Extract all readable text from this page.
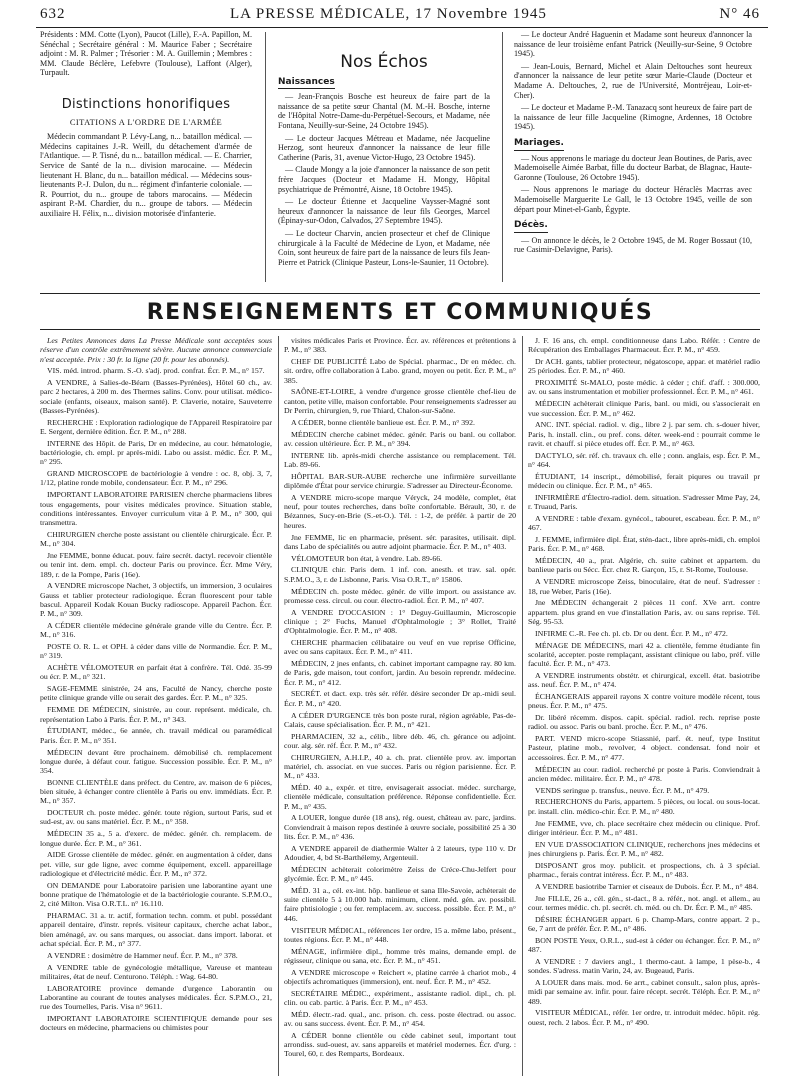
632	LA PRESSE MÉDICALE, 17 Novembre 1945	N° 46

Présidents : MM. Cotte (Lyon), Paucot (Lille), F.-A. Papillon, M. Sénéchal ; Secrétaire général : M. Maurice Faber ; Secrétaire adjoint : M. R. Palmer ; Trésorier : M. A. Guillemin ; Membres : MM. Claude Béclère, Lefebvre (Toulouse), Laffont (Alger), Turpault.

Distinctions honorifiques
CITATIONS A L'ORDRE DE L'ARMÉE

Médecin commandant P. Lévy-Lang, n... bataillon médical. — Médecins capitaines J.-R. Weill, du détachement d'armée de l'Atlantique. — P. Tisné, du n... bataillon médical. — E. Charrier, Service de Santé de la n... division marocaine. — Médecin lieutenant H. Blanc, du n... bataillon médical. — Médecins sous-lieutenants P.-J. Dulon, du n... régiment d'infanterie coloniale. — R. Pourriot, du n... groupe de tabors marocains. — Médecin aspirant P.-M. Chardier, du n... groupe de tabors. — Médecin auxiliaire H. Félix, n... division motorisée d'infanterie.

Nos Échos
Naissances

— Jean-François Bosche est heureux de faire part de la naissance de sa petite sœur Chantal (M. M.-H. Bosche, interne de l'Hôpital Notre-Dame-du-Perpétuel-Secours, et Madame, née Fontana, Neuilly-sur-Seine, 24 Octobre 1945).

— Le docteur Jacques Métreau et Madame, née Jacqueline Herzog, sont heureux d'annoncer la naissance de leur fille Catherine (Paris, 31, avenue Victor-Hugo, 23 Octobre 1945).

— Claude Mongy a la joie d'annoncer la naissance de son petit frère Jacques (Docteur et Madame H. Mongy, Hôpital psychiatrique de Prémontré, Aisne, 18 Octobre 1945).

— Le docteur Étienne et Jacqueline Vaysser-Magné sont heureux d'annoncer la naissance de leur fils Georges, Marcel (Épinay-sur-Odon, Calvados, 27 Septembre 1945).

— Le docteur Charvin, ancien prosecteur et chef de Clinique chirurgicale à la Faculté de Médecine de Lyon, et Madame, née Coin, sont heureux de faire part de la naissance de leurs fils Jean-Pierre et Patrick (Clinique Pasteur, Lons-le-Saunier, 11 Octobre).

— Le docteur André Haguenin et Madame sont heureux d'annoncer la naissance de leur troisième enfant Patrick (Neuilly-sur-Seine, 9 Octobre 1945).

— Jean-Louis, Bernard, Michel et Alain Deltouches sont heureux d'annoncer la naissance de leur petite sœur Marie-Claude (Docteur et Madame A. Deltouches, 2, rue de l'Université, Montréjeau, Loir-et-Cher).

— Le docteur et Madame P.-M. Tanazacq sont heureux de faire part de la naissance de leur fille Jacqueline (Rimogne, Ardennes, 18 Octobre 1945).

Mariages.

— Nous apprenons le mariage du docteur Jean Boutines, de Paris, avec Mademoiselle Aimée Barbat, fille du docteur Barbat, de Blagnac, Haute-Garonne (Toulouse, 26 Octobre 1945).

— Nous apprenons le mariage du docteur Héraclès Macrras avec Mademoiselle Marguerite Le Gall, le 13 Octobre 1945, veille de son départ pour Minet-el-Ganb, Égypte.

Décès.

— On annonce le décès, le 2 Octobre 1945, de M. Roger Bossaut (10, rue Casimir-Delavigne, Paris).

RENSEIGNEMENTS ET COMMUNIQUÉS

Les Petites Annonces dans La Presse Médicale sont acceptées sous réserve d'un contrôle extrêmement sévère. Aucune annonce commerciale n'est acceptée. Prix : 30 fr. la ligne (20 fr. pour les abonnés).

VIS. méd. introd. pharm. S.-O. s'adj. prod. confrat. Écr. P. M., n° 157.

A VENDRE, à Salies-de-Béarn (Basses-Pyrénées), Hôtel 60 ch., av. parc 2 hectares, à 200 m. des Thermes salins. Conv. pour utilisat. médico-sociale (enfants, oiseaux, maison santé). P. Claverie, notaire, Sauveterre (Basses-Pyrénées).

RECHERCHE : Exploration radiologique de l'Appareil Respiratoire par E. Sergent, dernière édition. Écr. P. M., n° 288.

INTERNE des Hôpit. de Paris, Dr en médecine, au cour. hématologie, bactériologie, ch. empl. pr après-midi. Labo ou assist. médic. Écr. P. M., n° 295.

GRAND MICROSCOPE de bactériologie à vendre : oc. 8, obj. 3, 7, 1/12, platine ronde mobile, condensateur. Écr. P. M., n° 296.

IMPORTANT LABORATOIRE PARISIEN cherche pharmaciens libres tous engagements, pour visites médicales province. Situation stable, conditions intéressantes. Envoyer curriculum vitæ à P. M., n° 300, qui transmettra.

CHIRURGIEN cherche poste assistant ou clientèle chirurgicale. Écr. P. M., n° 304.

Jne FEMME, bonne éducat. pouv. faire secrét. dactyl. recevoir clientèle ou tenir int. dem. empl. ch. docteur Paris ou province. Écr. Mme Véry, 189, r. de la Pompe, Paris (16e).

A VENDRE microscope Nachet, 3 objectifs, un immersion, 3 oculaires Gauss et tablier protecteur radiologique. Écran fluorescent pour table bascul. Appareil Kodak Kouan Bucky radioscope. Appareil Pachon. Écr. P. M., n° 309.

A CÉDER clientèle médecine générale grande ville du Centre. Écr. P. M., n° 316.

POSTE O. R. L. et OPH. à céder dans ville de Normandie. Écr. P. M., n° 319.

ACHÈTE VÉLOMOTEUR en parfait état à confrère. Tél. Odé. 35-99 ou écr. P. M., n° 321.

SAGE-FEMME sinistrée, 24 ans, Faculté de Nancy, cherche poste petite clinique grande ville ou serait des gardes. Écr. P. M., n° 325.

FEMME DE MÉDECIN, sinistrée, au cour. représent. médicale, ch. représentation Labo à Paris. Écr. P. M., n° 343.

ÉTUDIANT, médec., 6e année, ch. travail médical ou paramédical Paris. Écr. P. M., n° 351.

MÉDECIN devant être prochainem. démobilisé ch. remplacement longue durée, à défaut cour. fatigue. Succession possible. Écr. P. M., n° 354.

BONNE CLIENTÈLE dans préfect. du Centre, av. maison de 6 pièces, bien située, à échanger contre clientèle à Paris ou env. immédiats. Écr. P. M., n° 357.

DOCTEUR ch. poste médec. génér. toute région, surtout Paris, sud et sud-est, av. ou sans matériel. Écr. P. M., n° 358.

MÉDECIN 35 a., 5 a. d'exerc. de médec. génér. ch. remplacem. de longue durée. Écr. P. M., n° 361.

AIDE Grosse clientèle de médec. génér. en augmentation à céder, dans pet. ville, sur gde ligne, avec comme équipement, excell. appareillage radiologique et d'électricité médic. Écr. P. M., n° 372.

ON DEMANDE pour Laboratoire parisien une laborantine ayant une bonne pratique de l'hématologie et de la bactériologie courante. S.P.M.O., 2, cité Milton. Visa O.R.T.L. n° 16.110.

PHARMAC. 31 a. tr. actif, formation techn. comm. et publ. possédant appareil dentaire, d'instr. représ. visiteur capitaux, cherche achat labor., bien aménagé, av. ou sans marques, ou associat. dans import. laborat. et achat spécial. Écr. P. M., n° 377.

A VENDRE : dosimètre de Hammer neuf. Écr. P. M., n° 378.

A VENDRE table de gynécologie métallique, Vareuse et manteau militaires, état de neuf. Centurono. Téléph. : Wag. 64-80.

LABORATOIRE province demande d'urgence Laborantin ou Laborantine au courant de toutes analyses médicales. Écr. S.P.M.O., 21, rue des Tournelles, Paris. Visa n° 9611.

IMPORTANT LABORATOIRE SCIENTIFIQUE demande pour ses docteurs en médecine, pharmaciens ou chimistes pour

visites médicales Paris et Province. Écr. av. références et prétentions à P. M., n° 383.

CHEF DE PUBLICITÉ Labo de Spécial. pharmac., Dr en médec. ch. sit. ordre, offre collaboration à Labo. grand, moyen ou petit. Écr. P. M., n° 385.

SAÔNE-ET-LOIRE, à vendre d'urgence grosse clientèle chef-lieu de canton, petite ville, maison confortable. Pour renseignements s'adresser au Dr Perrin, chirurgien, 9, rue Thiard, Chalon-sur-Saône.

A CÉDER, bonne clientèle banlieue est. Écr. P. M., n° 392.

MÉDECIN cherche cabinet médec. génér. Paris ou banl. ou collabor. av. cession ultérieure. Écr. P. M., n° 394.

INTERNE lib. après-midi cherche assistance ou remplacement. Tél. Lab. 89-66.

HÔPITAL BAR-SUR-AUBE recherche une infirmière surveillante diplômée d'État pour service chirurgie. S'adresser au Directeur-Économe.

A VENDRE micro-scope marque Véryck, 24 modèle, complet, état neuf, pour toutes recherches, dans boîte confortable. Bérault, 30, r. de Bézannes, Sucy-en-Brie (S.-et-O.). Tél. : 1-2, de préfér. à partir de 20 heures.

Jne FEMME, lic en pharmacie, présent. sér. parasites, utilisait. dipl. dans Labo de spécialités ou autre adjoint pharmacie. Écr. P. M., n° 403.

VÉLOMOTEUR bon état, à vendre. Lab. 89-66.

CLINIQUE chir. Paris dem. 1 inf. con. anesth. et trav. sal. opér. S.P.M.O., 3, r. de Lisbonne, Paris. Visa O.R.T., n° 15806.

MÉDECIN ch. poste médec. génér. de ville import. ou assistance av. promesse cess. circul. ou cour. électro-radiol. Écr. P. M., n° 407.

A VENDRE D'OCCASION : 1° Deguy-Guillaumin, Microscopie clinique ; 2° Fuchs, Manuel d'Ophtalmologie ; 3° Rollet, Traité d'Ophtalmologie. Écr. P. M., n° 408.

CHERCHE pharmacien célibataire ou veuf en vue reprise Officine, avec ou sans capitaux. Écr. P. M., n° 411.

MÉDECIN, 2 jnes enfants, ch. cabinet important campagne ray. 80 km. de Paris, gde maison, tout confort, jardin. Au besoin reprendr. médecine. Écr. P. M., n° 412.

SECRÉT. et dact. exp. très sér. référ. désire seconder Dr ap.-midi seul. Écr. P. M., n° 420.

A CÉDER D'URGENCE très bon poste rural, région agréable, Pas-de-Calais, cause spécialisation. Écr. P. M., n° 421.

PHARMACIEN, 32 a., célib., libre déb. 46, ch. gérance ou adjoint. cour. alg. sér. réf. Écr. P. M., n° 432.

CHIRURGIEN, A.H.I.P., 40 a. ch. prat. clientèle prov. av. importan matériel, ch. associat. en vue succes. Paris ou région parisienne. Écr. P. M., n° 433.

MÉD. 40 a., expér. et titre, envisagerait associat. médec. surcharge, clientèle médicale, consultation préférence. Réponse confidentielle. Écr. P. M., n° 435.

A LOUER, longue durée (18 ans), rég. ouest, château av. parc, jardins. Conviendrait à maison repos destinée à œuvre sociale, possibilité 25 à 30 lits. Écr. P. M., n° 436.

A VENDRE appareil de diathermie Walter à 2 lateurs, type 110 v. Dr Adoudier, 4, bd St-Barthélemy, Argenteuil.

MÉDECIN achèterait colorimètre Zeiss de Créce-Chu-Jelfert pour glycémie. Écr. P. M., n° 445.

MÉD. 31 a., cél. ex-int. hôp. banlieue et sana Ille-Savoie, achèterait de suite clientèle 5 à 10.000 hab. minimum, client. méd. gén. av. possibil. faire phtisiologie ; ou fer. remplacem. av. success. possible. Écr. P. M., n° 446.

VISITEUR MÉDICAL, références 1er ordre, 15 a. même labo, présent., toutes régions. Écr. P. M., n° 448.

MÉNAGE, infirmière dipl., homme très mains, demande empl. de régisseur, clinique ou sana, etc. Écr. P. M., n° 451.

A VENDRE microscope « Reichert », platine carrée à chariot mob., 4 objectifs achromatiques (immersion), ent. neuf. Écr. P. M., n° 452.

SECRÉTAIRE MÉDIC., expériment., assistante radiol. dipl., ch. pl. clin. ou cab. partic. à Paris. Écr. P. M., n° 453.

MÉD. électr.-rad. qual., anc. prison. ch. cess. poste électrad. ou assoc. av. ou sans success. évent. Écr. P. M., n° 454.

A CÉDER bonne clientèle ou cède cabinet seul, important tout arrondiss. sud-ouest, av. sans appareils et matériel modernes. Écr. d'urg. : Tourel, 60, r. des Remparts, Bordeaux.

J. F. 16 ans, ch. empl. conditionneuse dans Labo. Référ. : Centre de Récupération des Emballages Pharmaceut. Écr. P. M., n° 459.

Dr ACH. gants, tablier protecteur, négatoscope, appar. et matériel radio 25 périodes. Écr. P. M., n° 460.

PROXIMITÉ St-MALO, poste médic. à céder ; chif. d'aff. : 300.000, av. ou sans instrumentation et mobilier professionnel. Écr. P. M., n° 461.

MÉDECIN achèterait clinique Paris, banl. ou midi, ou s'associerait en vue succession. Écr. P. M., n° 462.

ANC. INT. spécial. radiol. v. dig., libre 2 j. par sem. ch. s-douer hiver, Paris, h. install. clin., ou pref. cons. déter. week-end : pourrait comme le ravit. et chauff. si pièce etudes off. Écr. P. M., n° 463.

DACTYLO, sér. réf. ch. travaux ch. elle ; conn. anglais, esp. Écr. P. M., n° 464.

ÉTUDIANT, 14 inscript., démobilisé, ferait piqures ou travail pr médecin ou clinique. Écr. P. M., n° 465.

INFIRMIÈRE d'Électro-radiol. dem. situation. S'adresser Mme Pay, 24, r. Truaud, Paris.

A VENDRE : table d'exam. gynécol., tabouret, escabeau. Écr. P. M., n° 467.

J. FEMME, infirmière dipl. État, stén-dact., libre après-midi, ch. emploi Paris. Écr. P. M., n° 468.

MÉDECIN, 40 a., prat. Algérie, ch. suite cabinet et appartem. du banlieue paris ou Sécc. Écr. chez R. Garçon, 15, r. St-Rome, Toulouse.

A VENDRE microscope Zeiss, binoculaire, état de neuf. S'adresser : 18, rue Weber, Paris (16e).

Jne MÉDECIN échangerait 2 pièces 11 conf. XVe arrt. contre appartem. plus grand en vue d'installation Paris, av. ou sans reprise. Tél. Ség. 95-53.

INFIRME C.-R. Fee ch. pl. cb. Dr ou dent. Écr. P. M., n° 472.

MÉNAGE DE MÉDECINS, mari 42 a. clientèle, femme étudiante fin scolarité, accepter. poste remplaçant, assistant clinique ou labo, préf. ville faculté. Écr. P. M., n° 473.

A VENDRE instruments obstétr. et chirurgical, excell. état. basiotribe ass. neuf. Écr. P. M., n° 474.

ÉCHANGERAIS appareil rayons X contre voiture modèle récent, tous pneus. Écr. P. M., n° 475.

Dr. libéré récemm. dispos. capit. spécial. radiol. rech. reprise poste radiol. ou assoc. Paris ou banl. proche. Écr. P. M., n° 476.

PART. VEND micro-scope Stiassnié, parf. ét. neuf, type Institut Pasteur, platine mob., revolver, 4 object. condensat. fond noir et accessoires. Écr. P. M., n° 477.

MÉDECIN au cour. radiol. recherché pr poste à Paris. Conviendrait à ancien médec. militaire. Écr. P. M., n° 478.

VENDS seringue p. transfus., neuve. Écr. P. M., n° 479.

RECHERCHONS du Paris, appartem. 5 pièces, ou local. ou sous-locat. pr. install. clin. médico-chir. Écr. P. M., n° 480.

Jne FEMME, vve, ch. place secrétaire chez médecin ou clinique. Prof. diriger intérieur. Écr. P. M., n° 481.

EN VUE D'ASSOCIATION CLINIQUE, recherchons jnes médecins et jnes chirurgiens p. Paris. Écr. P. M., n° 482.

DISPOSANT gros moy. publicit. et prospections, ch. à 3 spécial. pharmac., ferais contrat intéress. Écr. P. M., n° 483.

A VENDRE basiotribe Tarnier et ciseaux de Dubois. Écr. P. M., n° 484.

Jne FILLE, 26 a., cél. gén., st-dact., 8 a. référ., not. angl. et allem., au cour. termes médic. ch. pl. secrét. ch. méd. ou ch. Dr. Écr. P. M., n° 485.

DÉSIRE ÉCHANGER appart. 6 p. Champ-Mars, contre appart. 2 p., 6e, 7 arrt de préfér. Écr. P. M., n° 486.

BON POSTE Yeux, O.R.L., sud-est à céder ou échanger. Écr. P. M., n° 487.

A VENDRE : 7 daviers angl., 1 thermo-caut. à lampe, 1 pèse-b., 4 sondes. S'adress. matin Varin, 24, av. Bugeaud, Paris.

A LOUER dans mais. mod. 6e arrt., cabinet consult., salon plus, après-midi par semaine av. infir. pour. faire récept. secrét. Téléph. Écr. P. M., n° 489.

VISITEUR MÉDICAL, référ. 1er ordre, tr. introduit médec. hôpit. rég. ouest, rech. 2 labos. Écr. P. M., n° 490.
